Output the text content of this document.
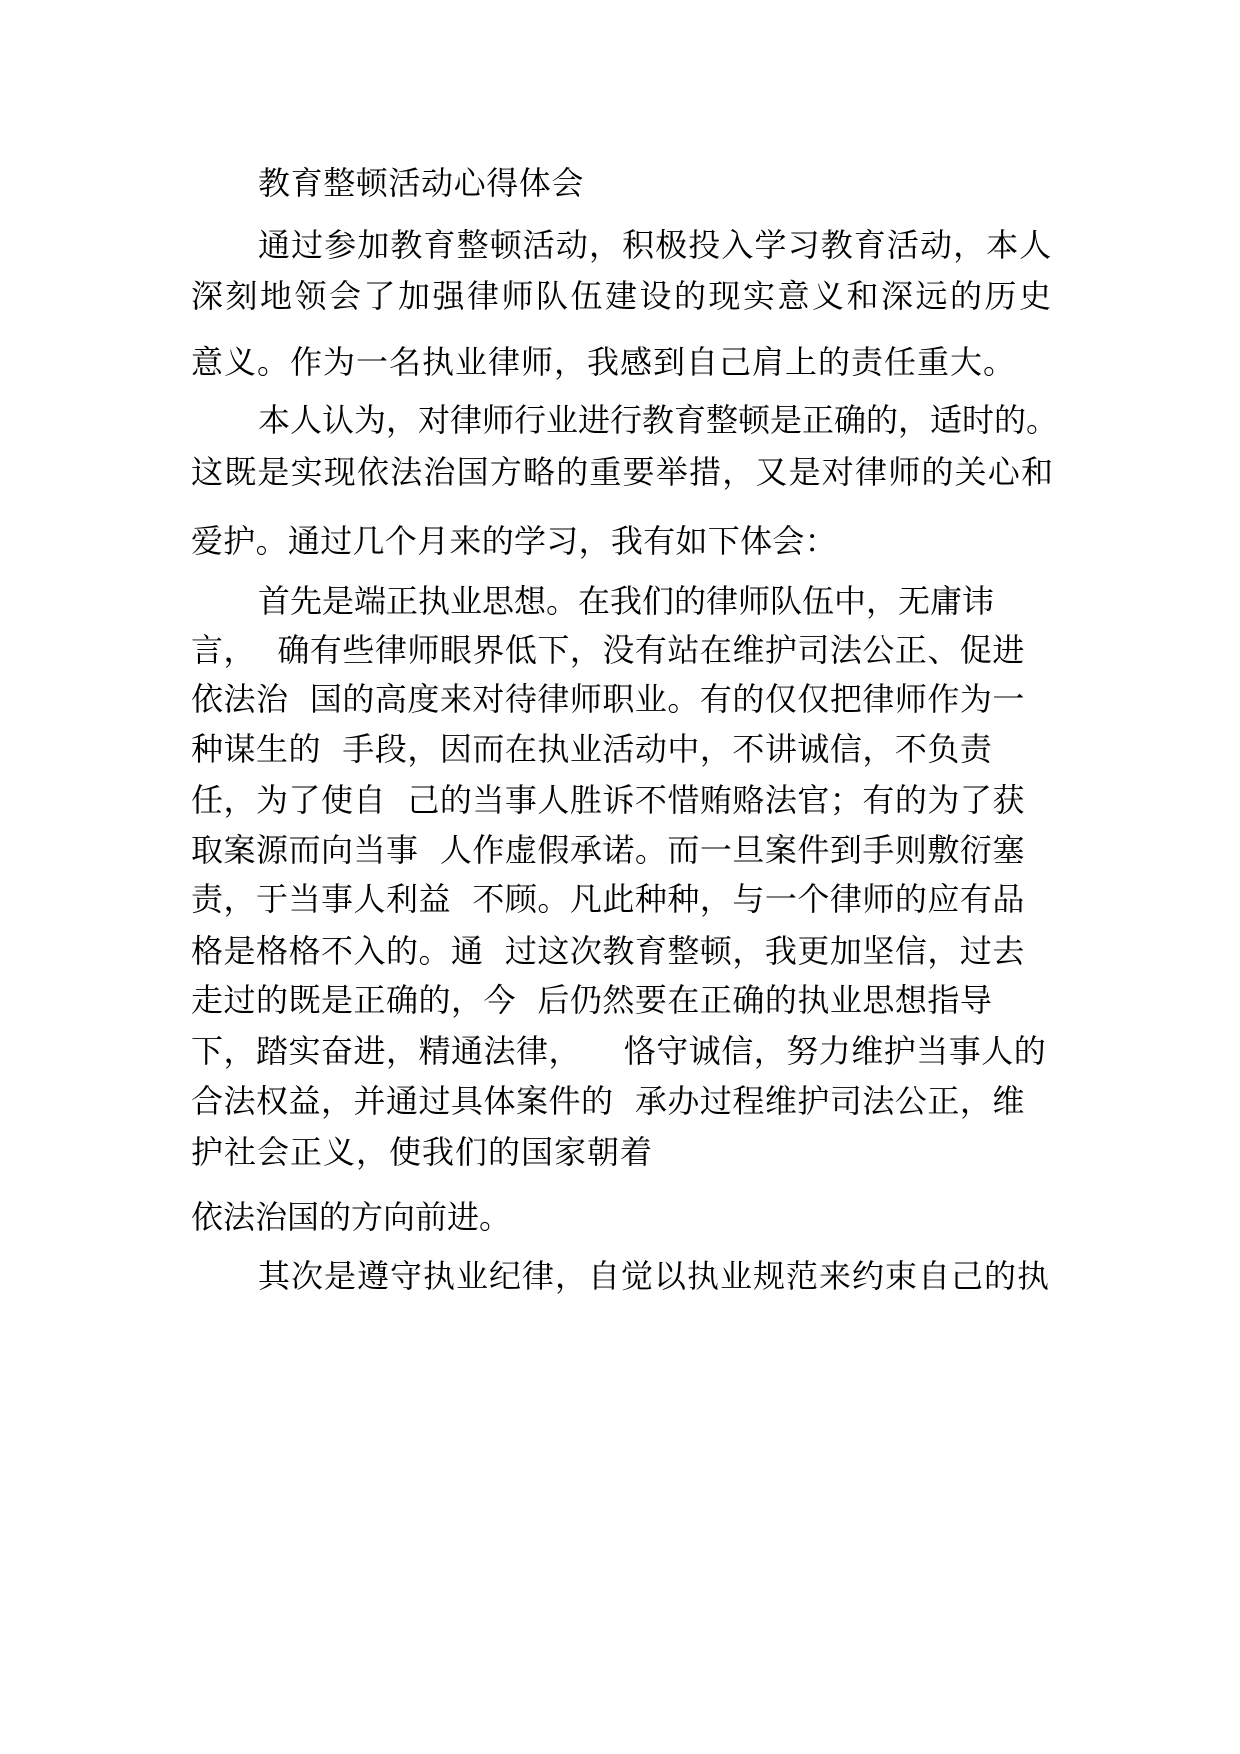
教育整顿活动心得体会
通过参加教育整顿活动，积极投入学习教育活动，本人
深刻地领会了加强律师队伍建设的现实意义和深远的历史
意义。作为一名执业律师，我感到自己肩上的责任重大。
本人认为，对律师行业进行教育整顿是正确的，适时的。
这既是实现依法治国方略的重要举措，又是对律师的关心和
爱护。通过几个月来的学习，我有如下体会：
首先是端正执业思想。在我们的律师队伍中，无庸讳
言，  确有些律师眼界低下，没有站在维护司法公正、促进
依法治  国的高度来对待律师职业。有的仅仅把律师作为一
种谋生的  手段，因而在执业活动中，不讲诚信，不负责
任，为了使自  己的当事人胜诉不惜贿赂法官；有的为了获
取案源而向当事  人作虚假承诺。而一旦案件到手则敷衍塞
责，于当事人利益  不顾。凡此种种，与一个律师的应有品
格是格格不入的。通  过这次教育整顿，我更加坚信，过去
走过的既是正确的，今  后仍然要在正确的执业思想指导
下，踏实奋进，精通法律，    恪守诚信，努力维护当事人的
合法权益，并通过具体案件的  承办过程维护司法公正，维
护社会正义，使我们的国家朝着
依法治国的方向前进。
其次是遵守执业纪律，自觉以执业规范来约束自己的执
